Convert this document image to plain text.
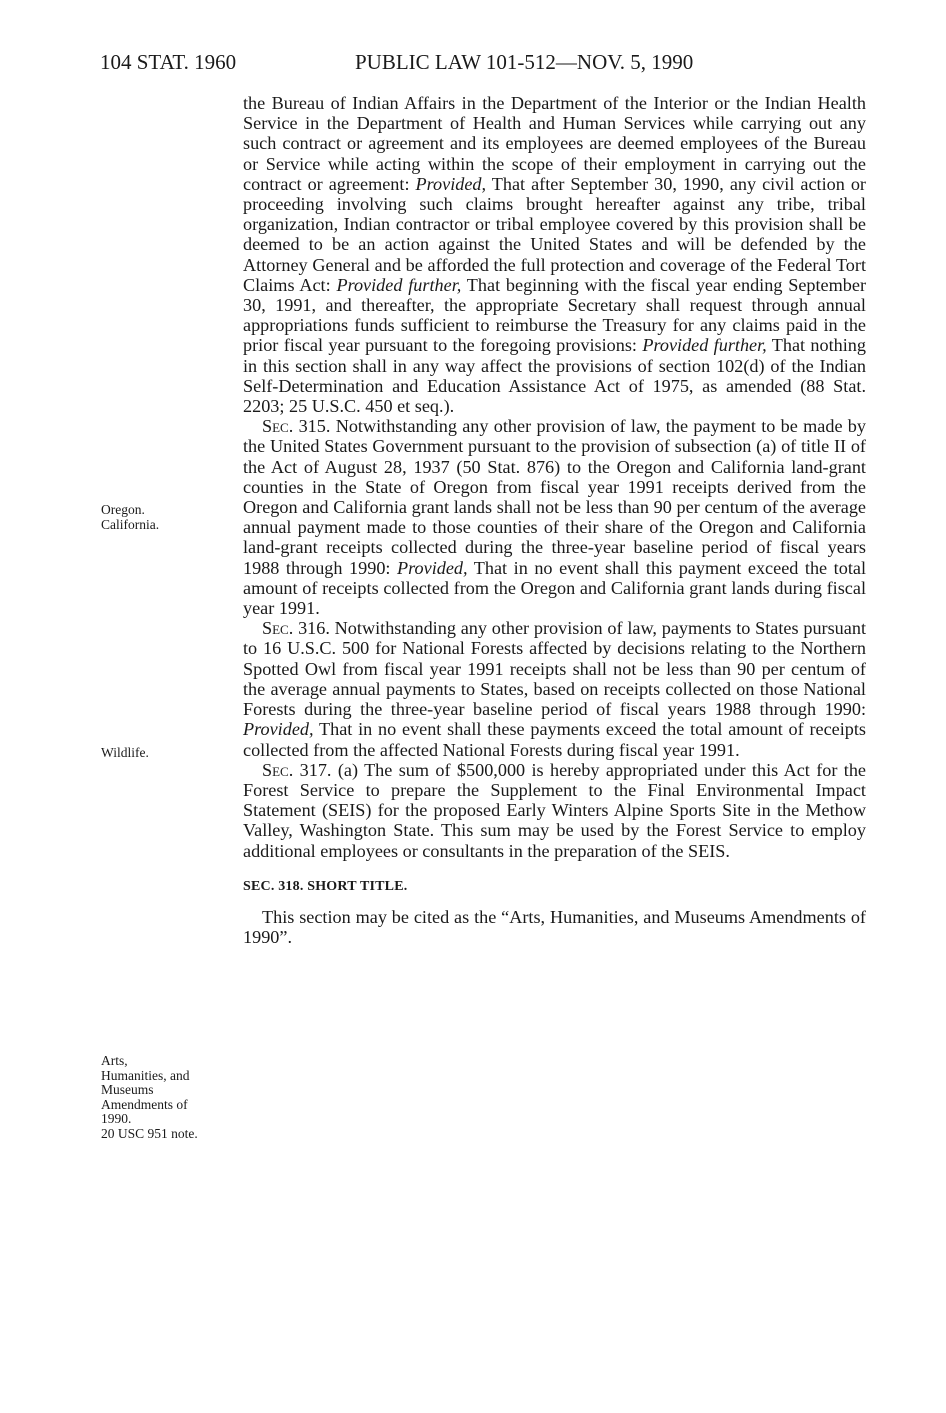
104 STAT. 1960	PUBLIC LAW 101-512—NOV. 5, 1990
Oregon.
California.
Wildlife.
Arts,
Humanities, and
Museums
Amendments of
1990.
20 USC 951 note.

the Bureau of Indian Affairs in the Department of the Interior or the Indian Health Service in the Department of Health and Human Services while carrying out any such contract or agreement and its employees are deemed employees of the Bureau or Service while acting within the scope of their employment in carrying out the contract or agreement: Provided, That after September 30, 1990, any civil action or proceeding involving such claims brought hereafter against any tribe, tribal organization, Indian contractor or tribal employee covered by this provision shall be deemed to be an action against the United States and will be defended by the Attorney General and be afforded the full protection and coverage of the Federal Tort Claims Act: Provided further, That beginning with the fiscal year ending September 30, 1991, and thereafter, the appropriate Secretary shall request through annual appropriations funds sufficient to reimburse the Treasury for any claims paid in the prior fiscal year pursuant to the foregoing provisions: Provided further, That nothing in this section shall in any way affect the provisions of section 102(d) of the Indian Self-Determination and Education Assistance Act of 1975, as amended (88 Stat. 2203; 25 U.S.C. 450 et seq.).

Sec. 315. Notwithstanding any other provision of law, the payment to be made by the United States Government pursuant to the provision of subsection (a) of title II of the Act of August 28, 1937 (50 Stat. 876) to the Oregon and California land-grant counties in the State of Oregon from fiscal year 1991 receipts derived from the Oregon and California grant lands shall not be less than 90 per centum of the average annual payment made to those counties of their share of the Oregon and California land-grant receipts collected during the three-year baseline period of fiscal years 1988 through 1990: Provided, That in no event shall this payment exceed the total amount of receipts collected from the Oregon and California grant lands during fiscal year 1991.

Sec. 316. Notwithstanding any other provision of law, payments to States pursuant to 16 U.S.C. 500 for National Forests affected by decisions relating to the Northern Spotted Owl from fiscal year 1991 receipts shall not be less than 90 per centum of the average annual payments to States, based on receipts collected on those National Forests during the three-year baseline period of fiscal years 1988 through 1990: Provided, That in no event shall these payments exceed the total amount of receipts collected from the affected National Forests during fiscal year 1991.

Sec. 317. (a) The sum of $500,000 is hereby appropriated under this Act for the Forest Service to prepare the Supplement to the Final Environmental Impact Statement (SEIS) for the proposed Early Winters Alpine Sports Site in the Methow Valley, Washington State. This sum may be used by the Forest Service to employ additional employees or consultants in the preparation of the SEIS.

SEC. 318. SHORT TITLE.

This section may be cited as the “Arts, Humanities, and Museums Amendments of 1990”.
